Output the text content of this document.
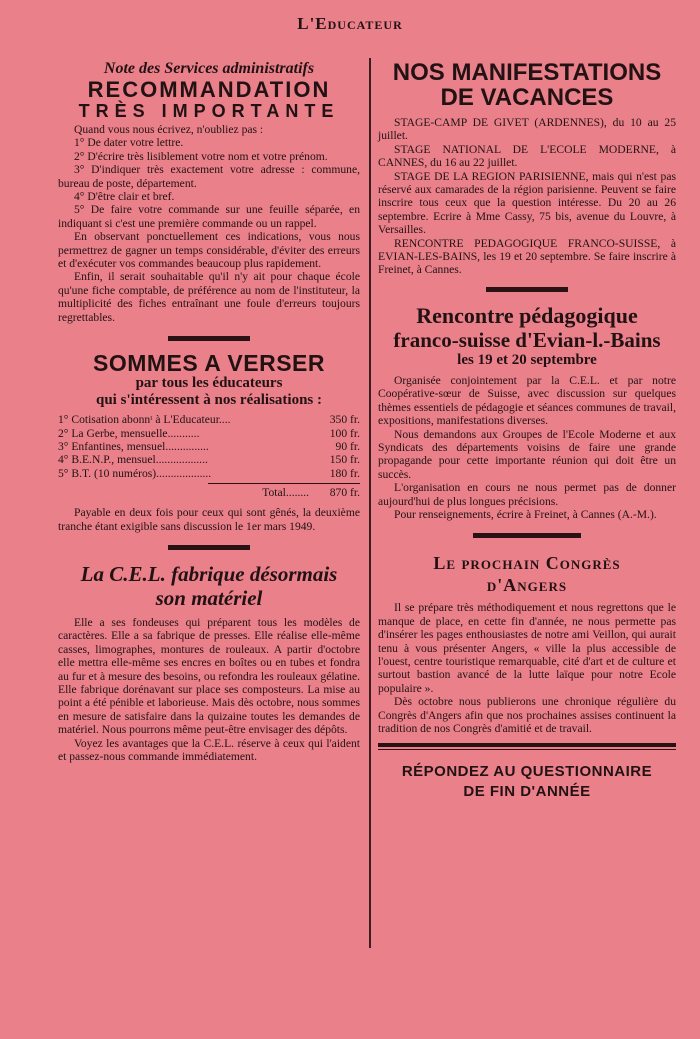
L'Educateur
Note des Services administratifs
RECOMMANDATION
TRÈS IMPORTANTE

Quand vous nous écrivez, n'oubliez pas :

1° De dater votre lettre.

2° D'écrire très lisiblement votre nom et votre prénom.

3° D'indiquer très exactement votre adresse : commune, bureau de poste, département.

4° D'être clair et bref.

5° De faire votre commande sur une feuille séparée, en indiquant si c'est une première commande ou un rappel.

En observant ponctuellement ces indications, vous nous permettrez de gagner un temps considérable, d'éviter des erreurs et d'exécuter vos commandes beaucoup plus rapidement.

Enfin, il serait souhaitable qu'il n'y ait pour chaque école qu'une fiche comptable, de préférence au nom de l'instituteur, la multiplicité des fiches entraînant une foule d'erreurs toujours regrettables.

SOMMES A VERSER
par tous les éducateurs
qui s'intéressent à nos réalisations :
1° Cotisation abonnᵗ à L'Educateur....	350 fr.
2° La Gerbe, mensuelle...........	100 fr.
3° Enfantines, mensuel...............	90 fr.
4° B.E.N.P., mensuel..................	150 fr.
5° B.T. (10 numéros)...................	180 fr.
Total........ 870 fr.

Payable en deux fois pour ceux qui sont gênés, la deuxième tranche étant exigible sans discussion le 1er mars 1949.

La C.E.L. fabrique désormais
son matériel

Elle a ses fondeuses qui préparent tous les modèles de caractères. Elle a sa fabrique de presses. Elle réalise elle-même casses, limographes, montures de rouleaux. A partir d'octobre elle mettra elle-même ses encres en boîtes ou en tubes et fondra au fur et à mesure des besoins, ou refondra les rouleaux gélatine. Elle fabrique dorénavant sur place ses composteurs. La mise au point a été pénible et laborieuse. Mais dès octobre, nous sommes en mesure de satisfaire dans la quizaine toutes les demandes de matériel. Nous pourrons même peut-être envisager des dépôts.

Voyez les avantages que la C.E.L. réserve à ceux qui l'aident et passez-nous commande immédiatement.

NOS MANIFESTATIONS
DE VACANCES

STAGE-CAMP DE GIVET (ARDENNES), du 10 au 25 juillet.

STAGE NATIONAL DE L'ECOLE MODERNE, à CANNES, du 16 au 22 juillet.

STAGE DE LA REGION PARISIENNE, mais qui n'est pas réservé aux camarades de la région parisienne. Peuvent se faire inscrire tous ceux que la question intéresse. Du 20 au 26 septembre. Ecrire à Mme Cassy, 75 bis, avenue du Louvre, à Versailles.

RENCONTRE PEDAGOGIQUE FRANCO-SUISSE, à EVIAN-LES-BAINS, les 19 et 20 septembre. Se faire inscrire à Freinet, à Cannes.

Rencontre pédagogique
franco-suisse d'Evian-l.-Bains
les 19 et 20 septembre

Organisée conjointement par la C.E.L. et par notre Coopérative-sœur de Suisse, avec discussion sur quelques thèmes essentiels de pédagogie et séances communes de travail, expositions, manifestations diverses.

Nous demandons aux Groupes de l'Ecole Moderne et aux Syndicats des départements voisins de faire une grande propagande pour cette importante réunion qui doit être un succès.

L'organisation en cours ne nous permet pas de donner aujourd'hui de plus longues précisions.

Pour renseignements, écrire à Freinet, à Cannes (A.-M.).

Le prochain Congrès
d'Angers

Il se prépare très méthodiquement et nous regrettons que le manque de place, en cette fin d'année, ne nous permette pas d'insérer les pages enthousiastes de notre ami Veillon, qui aurait tenu à vous présenter Angers, « ville la plus accessible de l'ouest, centre touristique remarquable, cité d'art et de culture et surtout bastion avancé de la lutte laïque pour notre Ecole populaire ».

Dès octobre nous publierons une chronique régulière du Congrès d'Angers afin que nos prochaines assises continuent la tradition de nos Congrès d'amitié et de travail.

RÉPONDEZ AU QUESTIONNAIRE
DE FIN D'ANNÉE
